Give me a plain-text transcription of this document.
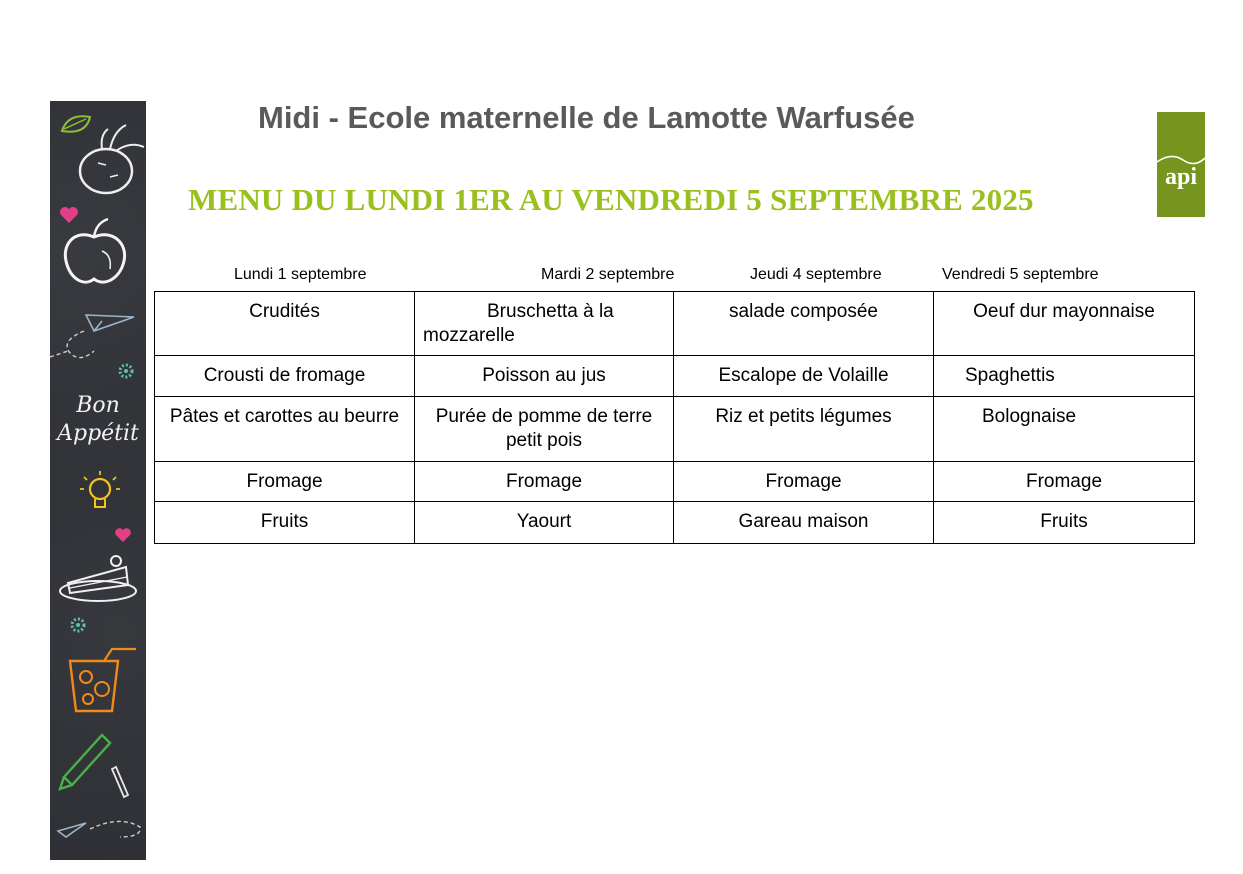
Bon
Appétit
Midi - Ecole maternelle de Lamotte Warfusée
MENU DU LUNDI 1ER AU VENDREDI 5 SEPTEMBRE 2025
api
Lundi 1 septembre	Mardi 2 septembre	Jeudi 4 septembre	Vendredi 5 septembre
Crudités	Bruschetta à la mozzarelle	salade composée	Oeuf dur mayonnaise
Crousti de fromage	Poisson au jus	Escalope de Volaille	Spaghettis
Pâtes et carottes au beurre	Purée de pomme de terre petit pois	Riz et petits légumes	Bolognaise
Fromage	Fromage	Fromage	Fromage
Fruits	Yaourt	Gareau maison	Fruits
